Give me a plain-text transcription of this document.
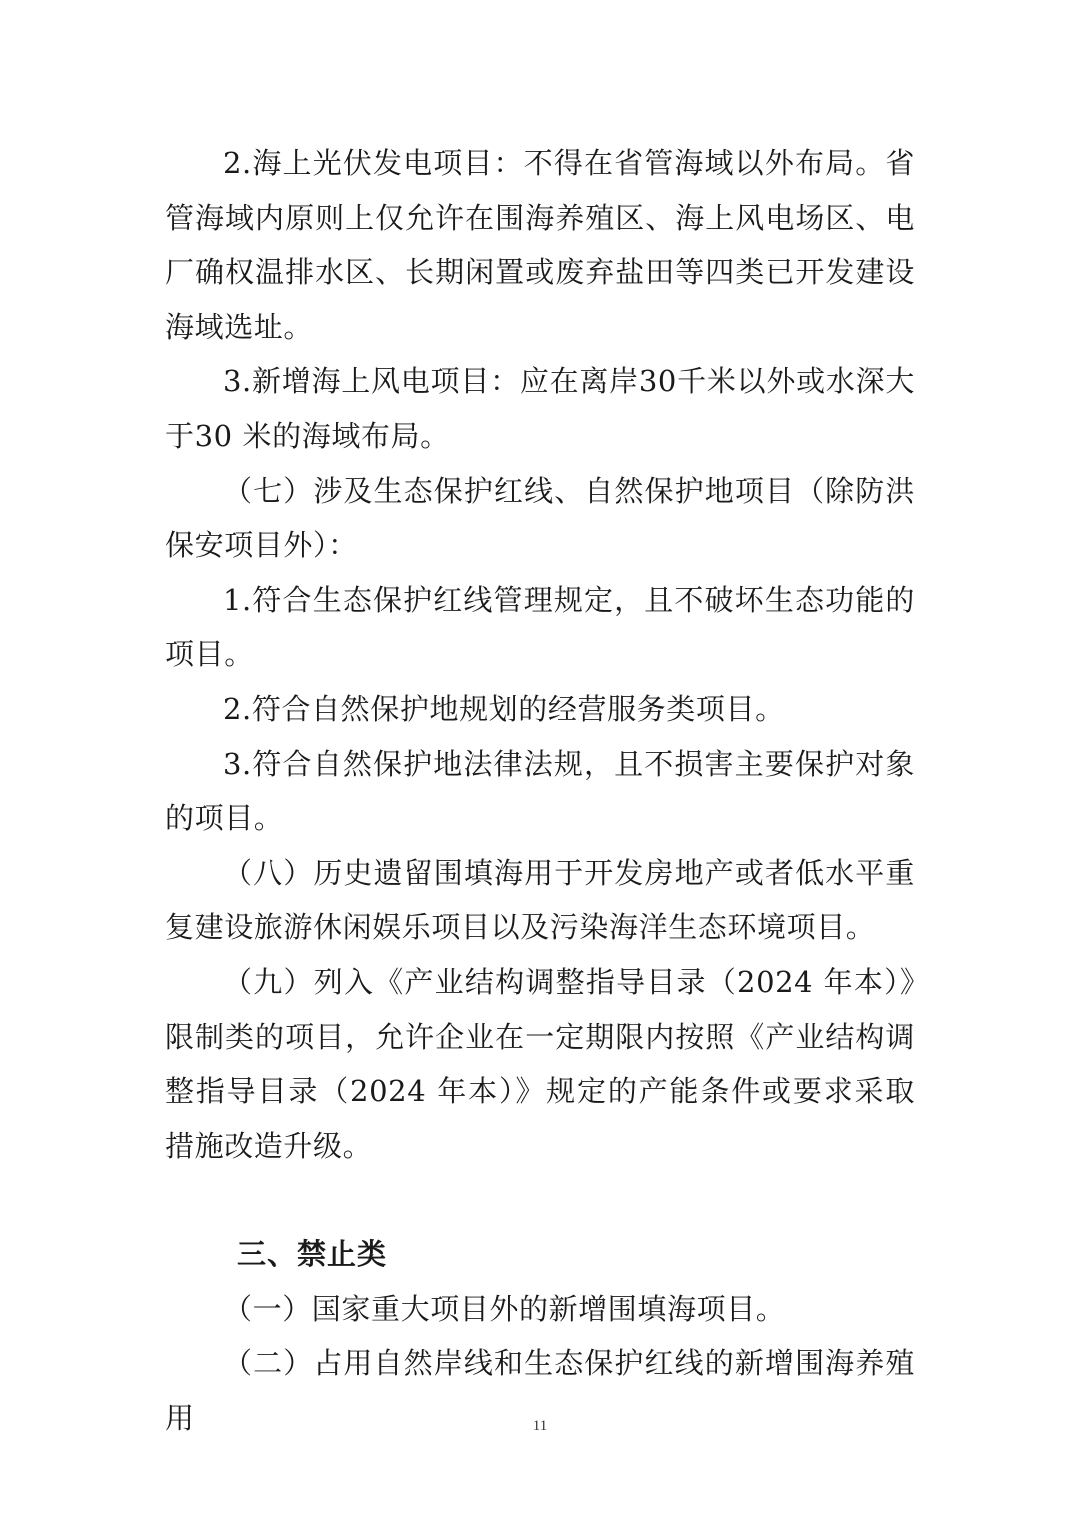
2.海上光伏发电项目：不得在省管海域以外布局。省管海域内原则上仅允许在围海养殖区、海上风电场区、电厂确权温排水区、长期闲置或废弃盐田等四类已开发建设海域选址。

3.新增海上风电项目：应在离岸30千米以外或水深大于30 米的海域布局。

（七）涉及生态保护红线、自然保护地项目（除防洪保安项目外）：

1.符合生态保护红线管理规定，且不破坏生态功能的项目。

2.符合自然保护地规划的经营服务类项目。

3.符合自然保护地法律法规，且不损害主要保护对象的项目。

（八）历史遗留围填海用于开发房地产或者低水平重复建设旅游休闲娱乐项目以及污染海洋生态环境项目。

（九）列入《产业结构调整指导目录（2024 年本）》限制类的项目，允许企业在一定期限内按照《产业结构调整指导目录（2024 年本）》规定的产能条件或要求采取措施改造升级。

三、禁止类

（一）国家重大项目外的新增围填海项目。

（二）占用自然岸线和生态保护红线的新增围海养殖用	11
